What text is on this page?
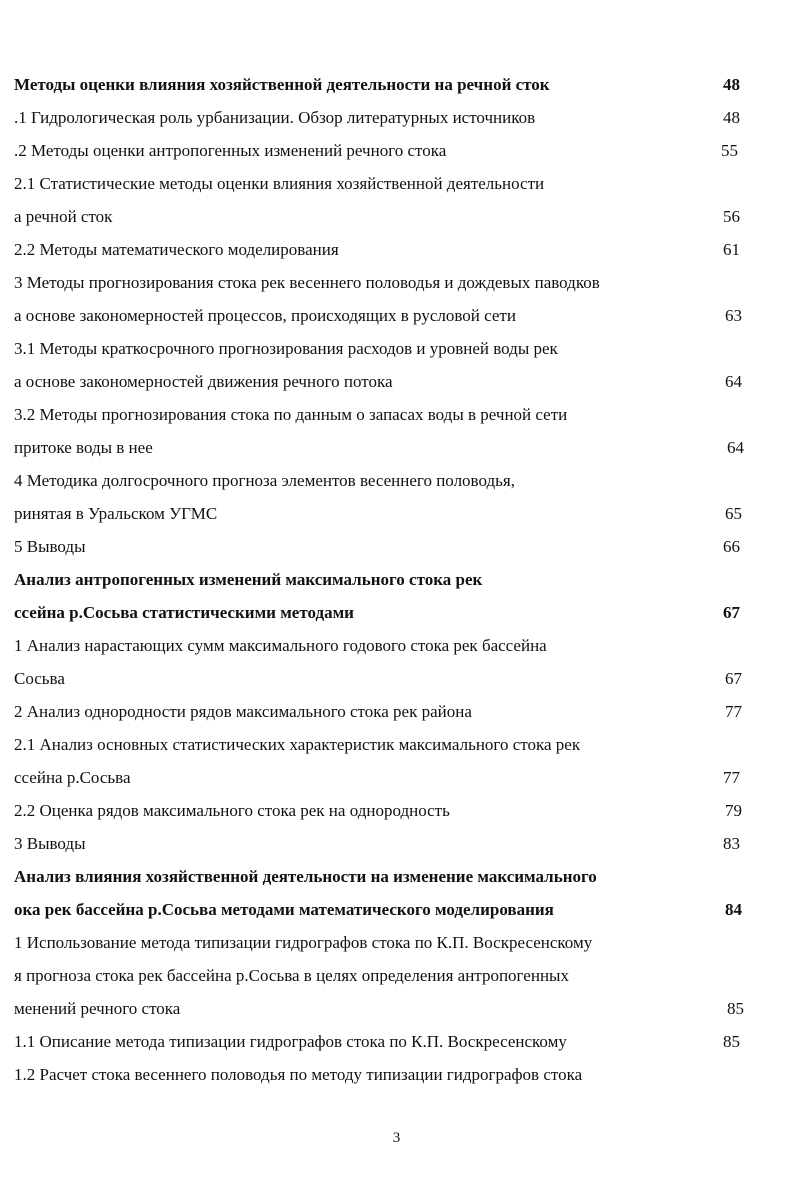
Методы оценки влияния хозяйственной деятельности на речной сток	48
.1 Гидрологическая роль урбанизации. Обзор литературных источников	48
.2 Методы оценки антропогенных изменений речного стока	55
2.1 Статистические методы оценки влияния хозяйственной деятельности
а речной сток	56
2.2 Методы математического моделирования	61
3 Методы прогнозирования стока рек весеннего половодья и дождевых паводков
а основе закономерностей процессов, происходящих в русловой сети	63
3.1 Методы краткосрочного прогнозирования расходов и уровней воды рек
а основе закономерностей движения речного потока	64
3.2 Методы прогнозирования стока по данным о запасах воды в речной сети
притоке воды в нее	64
4 Методика долгосрочного прогноза элементов весеннего половодья,
ринятая в Уральском УГМС	65
5 Выводы	66
Анализ антропогенных изменений максимального стока рек
ссейна р.Сосьва статистическими методами	67
1 Анализ нарастающих сумм максимального годового стока рек бассейна
Сосьва	67
2 Анализ однородности рядов максимального стока рек района	77
2.1 Анализ основных статистических характеристик максимального стока рек
ссейна р.Сосьва	77
2.2 Оценка рядов максимального стока рек на однородность	79
3 Выводы	83
Анализ влияния хозяйственной деятельности на изменение максимального
ока рек бассейна р.Сосьва методами математического моделирования	84
1 Использование метода типизации гидрографов стока по К.П. Воскресенскому
я прогноза стока рек бассейна р.Сосьва в целях определения антропогенных
менений речного стока	85
1.1 Описание метода типизации гидрографов стока по К.П. Воскресенскому	85
1.2 Расчет стока весеннего половодья по методу типизации гидрографов стока
3
